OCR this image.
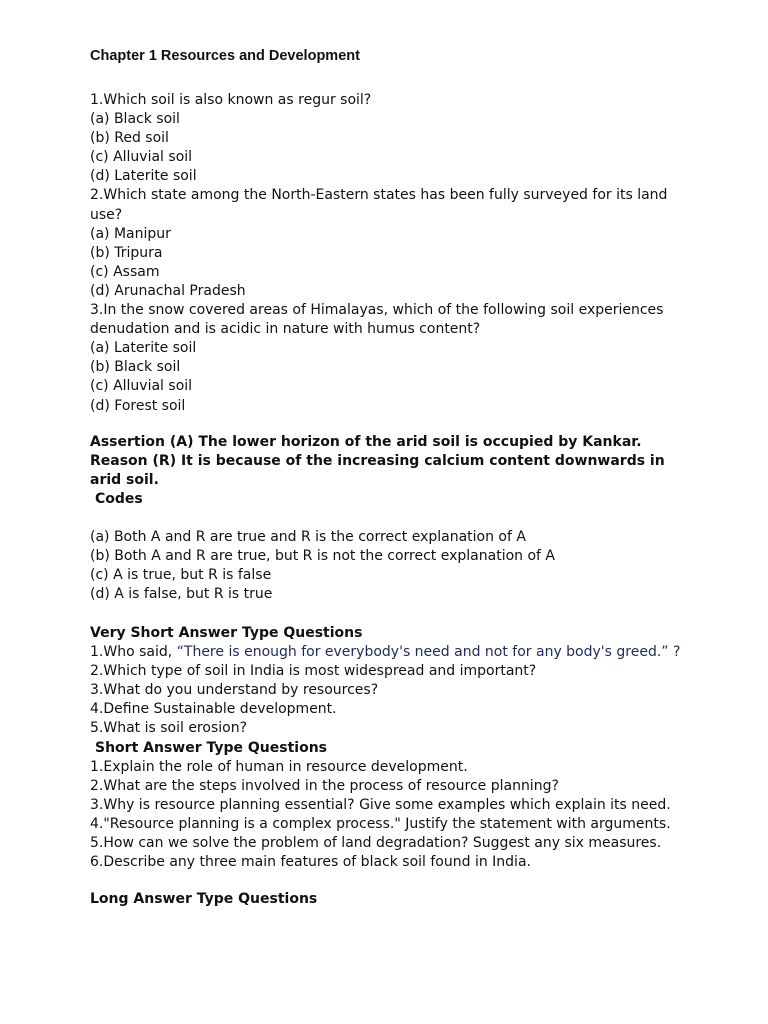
Chapter 1 Resources and Development
1.Which soil is also known as regur soil?
(a) Black soil
(b) Red soil
(c) Alluvial soil
(d) Laterite soil
2.Which state among the North-Eastern states has been fully surveyed for its land
use?
(a) Manipur
(b) Tripura
(c) Assam
(d) Arunachal Pradesh
3.In the snow covered areas of Himalayas, which of the following soil experiences
denudation and is acidic in nature with humus content?
(a) Laterite soil
(b) Black soil
(c) Alluvial soil
(d) Forest soil
Assertion (A) The lower horizon of the arid soil is occupied by Kankar.
Reason (R) It is because of the increasing calcium content downwards in
arid soil.
Codes
(a) Both A and R are true and R is the correct explanation of A
(b) Both A and R are true, but R is not the correct explanation of A
(c) A is true, but R is false
(d) A is false, but R is true
Very Short Answer Type Questions
1.Who said, “There is enough for everybody's need and not for any body's greed.” ?
2.Which type of soil in India is most widespread and important?
3.What do you understand by resources?
4.Define Sustainable development.
5.What is soil erosion?
Short Answer Type Questions
1.Explain the role of human in resource development.
2.What are the steps involved in the process of resource planning?
3.Why is resource planning essential? Give some examples which explain its need.
4."Resource planning is a complex process." Justify the statement with arguments.
5.How can we solve the problem of land degradation? Suggest any six measures.
6.Describe any three main features of black soil found in India.
Long Answer Type Questions
